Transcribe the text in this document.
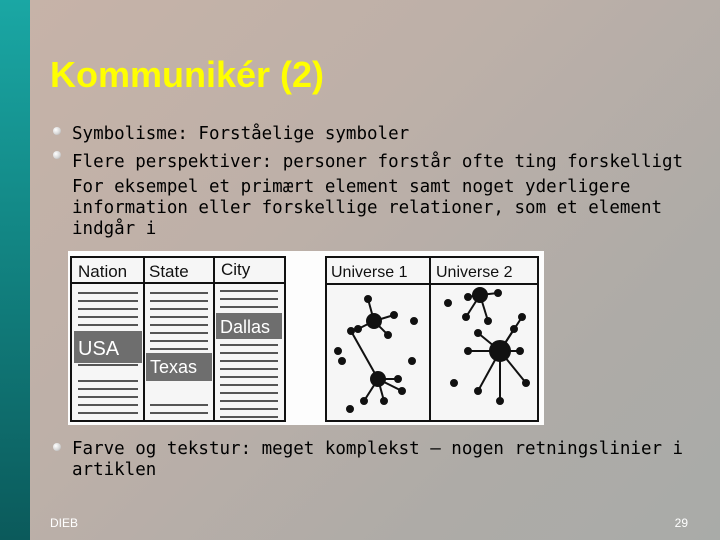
Kommunikér (2)
Symbolisme: Forståelige symboler
Flere perspektiver: personer forstår ofte ting forskelligt
For eksempel et primært element samt noget yderligere
information eller forskellige relationer, som et element
indgår i
Nation State City
USA
Texas
Dallas
Universe 1 Universe 2
Farve og tekstur: meget komplekst – nogen retningslinier i
artiklen
DIEB	29
